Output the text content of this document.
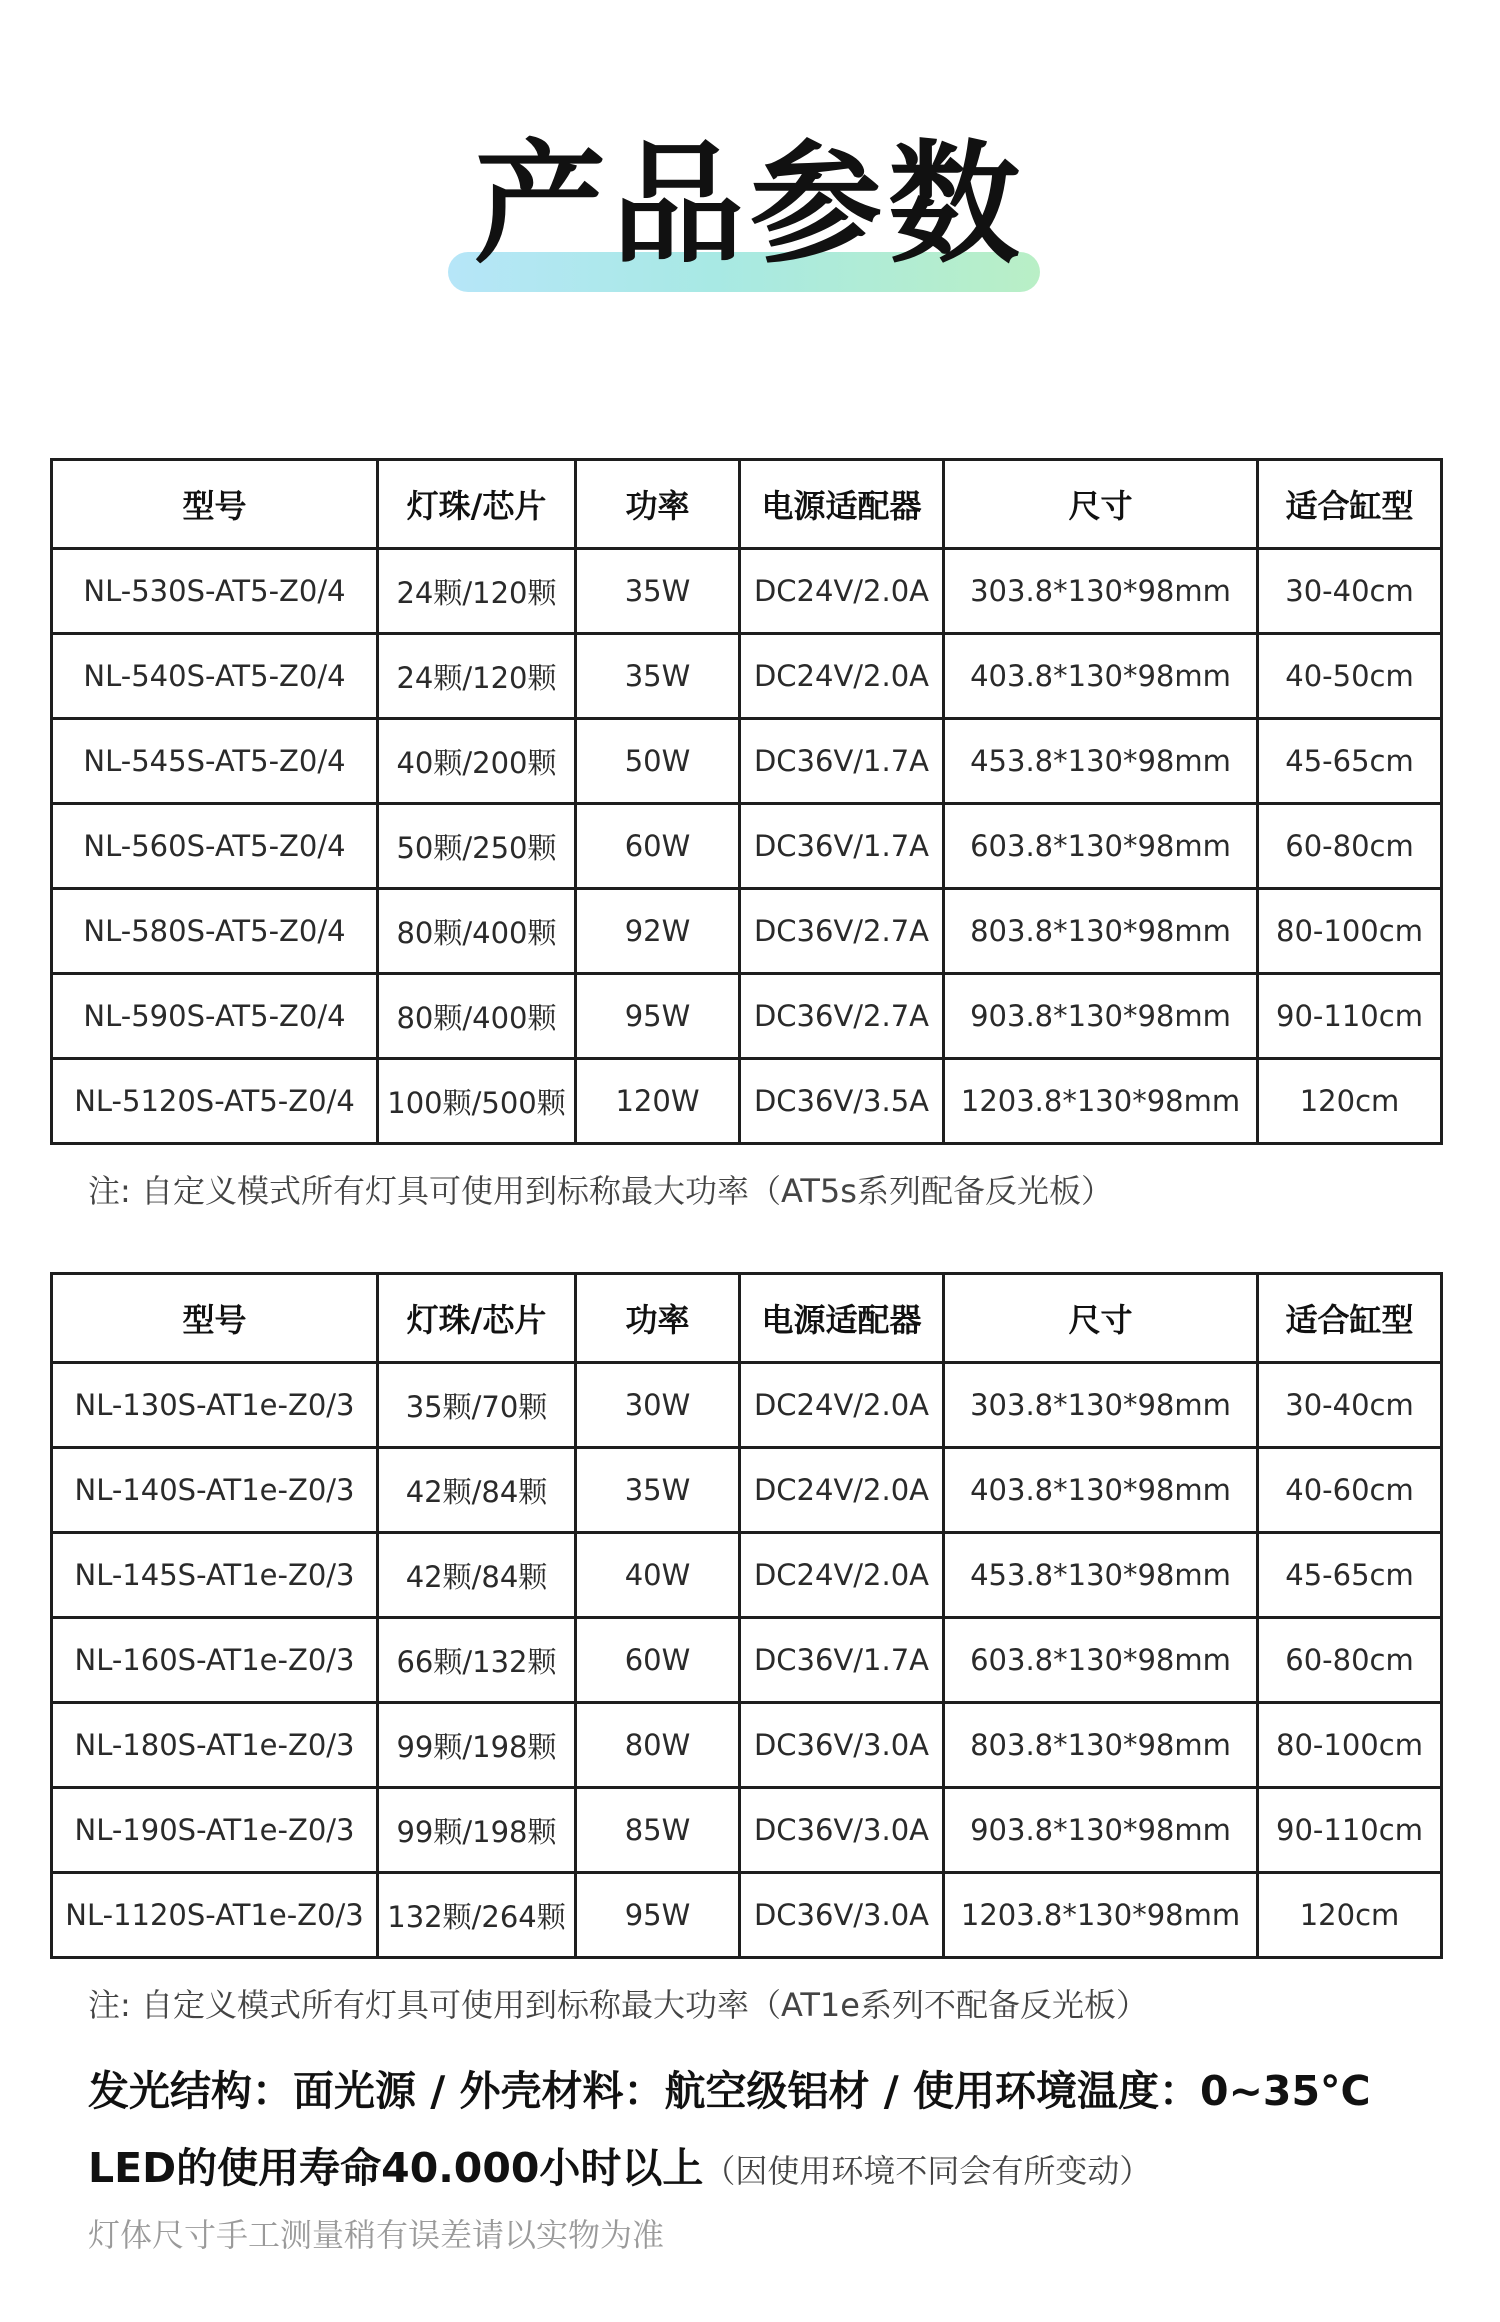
产品参数
型号	灯珠/芯片	功率	电源适配器	尺寸	适合缸型
NL-530S-AT5-Z0/4	24颗/120颗	35W	DC24V/2.0A	303.8*130*98mm	30-40cm
NL-540S-AT5-Z0/4	24颗/120颗	35W	DC24V/2.0A	403.8*130*98mm	40-50cm
NL-545S-AT5-Z0/4	40颗/200颗	50W	DC36V/1.7A	453.8*130*98mm	45-65cm
NL-560S-AT5-Z0/4	50颗/250颗	60W	DC36V/1.7A	603.8*130*98mm	60-80cm
NL-580S-AT5-Z0/4	80颗/400颗	92W	DC36V/2.7A	803.8*130*98mm	80-100cm
NL-590S-AT5-Z0/4	80颗/400颗	95W	DC36V/2.7A	903.8*130*98mm	90-110cm
NL-5120S-AT5-Z0/4	100颗/500颗	120W	DC36V/3.5A	1203.8*130*98mm	120cm
注: 自定义模式所有灯具可使用到标称最大功率（AT5s系列配备反光板）
型号	灯珠/芯片	功率	电源适配器	尺寸	适合缸型
NL-130S-AT1e-Z0/3	35颗/70颗	30W	DC24V/2.0A	303.8*130*98mm	30-40cm
NL-140S-AT1e-Z0/3	42颗/84颗	35W	DC24V/2.0A	403.8*130*98mm	40-60cm
NL-145S-AT1e-Z0/3	42颗/84颗	40W	DC24V/2.0A	453.8*130*98mm	45-65cm
NL-160S-AT1e-Z0/3	66颗/132颗	60W	DC36V/1.7A	603.8*130*98mm	60-80cm
NL-180S-AT1e-Z0/3	99颗/198颗	80W	DC36V/3.0A	803.8*130*98mm	80-100cm
NL-190S-AT1e-Z0/3	99颗/198颗	85W	DC36V/3.0A	903.8*130*98mm	90-110cm
NL-1120S-AT1e-Z0/3	132颗/264颗	95W	DC36V/3.0A	1203.8*130*98mm	120cm
注: 自定义模式所有灯具可使用到标称最大功率（AT1e系列不配备反光板）
发光结构：面光源 / 外壳材料：航空级铝材 / 使用环境温度：0~35°C
LED的使用寿命40.000小时以上（因使用环境不同会有所变动）
灯体尺寸手工测量稍有误差请以实物为准
